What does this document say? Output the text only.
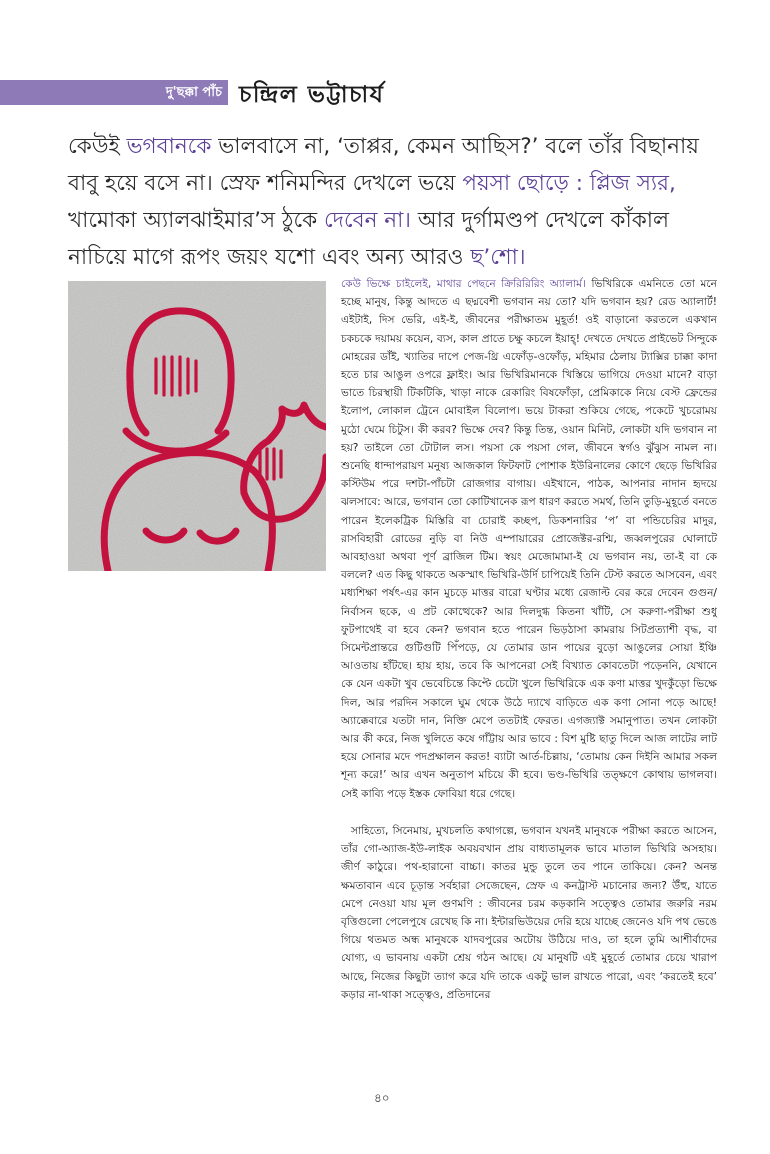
দু'ছক্কা পাঁচ চন্দ্রিল ভট্টাচার্য

কেউই ভগবানকে ভালবাসে না, ‘তাপ্পর, কেমন আছিস?’ বলে তাঁর বিছানায় বাবু হয়ে বসে না। স্রেফ শনিমন্দির দেখলে ভয়ে পয়সা ছোড়ে : প্লিজ স্যর, খামোকা অ্যালঝাইমার’স ঠুকে দেবেন না। আর দুর্গামণ্ডপ দেখলে কাঁকাল নাচিয়ে মাগে রূপং জয়ং যশো এবং অন্য আরও ছ’শো।

কেউ ভিক্ষে চাইলেই, মাথার পেছনে ক্রিরিরিরিং অ্যালার্ম। ভিখিরিকে এমনিতে তো মনে হচ্ছে মানুষ, কিন্তু আদতে এ ছদ্মবেশী ভগবান নয় তো? যদি ভগবান হয়? রেড অ্যালার্ট! এইটাই, দিস ভেরি, এই-ই, জীবনের পরীক্ষাতম মুহূর্ত! ওই বাড়ানো করতলে একখান চকচকে দয়াময় কয়েন, ব্যস, কাল প্রাতে চক্ষু কচলে ইয়াহ্! দেখতে দেখতে প্রাইভেট সিন্দুকে মোহরের ডাঁই, খ্যাতির দাপে পেজ-থ্রি এফোঁড়-ওফোঁড়, মহিমার ঠেলায় ট্যাক্সির চাক্কা কাদা হতে চার আঙুল ওপরে ফ্লাইং। আর ভিখিরিমানকে খিস্তিয়ে ভাগিয়ে দেওয়া মানে? বাড়া ভাতে চিরস্থায়ী টিকটিকি, খাড়া নাকে রেকারিং বিষফোঁড়া, প্রেমিকাকে নিয়ে বেস্ট ফ্রেন্ডের ইলোপ, লোকাল ট্রেনে মোবাইল বিলোপ। ভয়ে টাকরা শুকিয়ে গেছে, পকেটে খুচরোময় মুঠো ঘেমে চিটুস। কী করব? ভিক্ষে দেব? কিন্তু তিন্ত, ওয়ান মিনিট, লোকটা যদি ভগবান না হয়? তাইলে তো টোটাল লস। পয়সা কে পয়সা গেল, জীবনে স্বর্গও ঝুঁঝুস নামল না। শুনেছি ধান্দাপরায়ণ মনুষ্য আজকাল ফিটফাট পোশাক ইউরিনালের কোণে ছেড়ে ভিখিরির কস্টিউম পরে দশটা-পাঁচটা রোজগার বাগায়। এইখানে, পাঠক, আপনার নাদান হৃদয়ে ঝলসাবে: আরে, ভগবান তো কোটিখানেক রূপ ধারণ করতে সমর্থ, তিনি তুড়ি-মুহূর্তে বনতে পারেন ইলেকট্রিক মিস্তিরি বা চোরাই কচ্ছপ, ডিকশনারির ‘প’ বা পন্ডিচেরির মাদুর, রাসবিহারী রোডের নুড়ি বা নিউ এম্পায়ারের প্রোজেক্টর-রশ্মি, জব্বলপুরের ঘোলাটে আবহাওয়া অথবা পূর্ণ ব্রাজিল টিম। স্বয়ং মেজোমামা-ই যে ভগবান নয়, তা-ই বা কে বললে? এত কিছু থাকতে অকস্মাৎ ভিখিরি-উর্দি চাপিয়েই তিনি টেস্ট করতে আসবেন, এবং মধ্যশিক্ষা পর্ষৎ-এর কান মুচড়ে মাত্তর বারো ঘণ্টার মধ্যে রেজাল্ট বের করে দেবেন গুগুন/ নির্বাসন ছকে, এ প্রট কোত্থেকে? আর দিলদুগ্ধ কিতনা খাঁটি, সে করুণা-পরীক্ষা শুধু ফুটপাথেই বা হবে কেন? ভগবান হতে পারেন ভিড়ঠাসা কামরায় সিটপ্রত্যাশী বৃদ্ধ, বা সিমেন্টপ্রান্তরে গুটিগুটি পিঁপড়ে, যে তোমার ডান পায়ের বুড়ো আঙুলের সোয়া ইঞ্চি আওতায় হাঁটছে। হায় হায়, তবে কি আপনেরা সেই বিখ্যাত কোবতেটা পড়েননি, যেখানে কে যেন একটা খুব ভেবেচিন্তে কিপ্টে চেটো খুলে ভিখিরিকে এক কণা মাত্তর খুদকুঁড়ো ভিক্ষে দিল, আর পরদিন সকালে ঘুম থেকে উঠে দ্যাখে বাড়িতে এক কণা সোনা পড়ে আছে! অ্যাক্কেবারে যতটা দান, নিক্তি মেপে ততটাই ফেরত। এগজ্যাক্ট সমানুপাত। তখন লোকটা আর কী করে, নিজ খুলিতে কষে গাঁট্টায় আর ভাবে : বিশ মুষ্টি ছাতু দিলে আজ লাটের লাট হয়ে সোনার মদে পদপ্রক্ষালন করত! ব্যাটা আর্ত-চিল্লায়, ‘তোমায় কেন দিইনি আমার সকল শূন্য করে!’ আর এখন অনুতাপ মচিয়ে কী হবে। ভণ্ড-ভিখিরি তত্ক্ষণে কোথায় ভাগলবা। সেই কাব্যি পড়ে ইস্তক ফোবিয়া ধরে গেছে।

সাহিত্যে, সিনেমায়, মুখচলতি কথাগল্পে, ভগবান যখনই মানুষকে পরীক্ষা করতে আসেন, তাঁর গো-অ্যাজ-ইউ-লাইক অবয়বখান প্রায় বাধ্যতামূলক ভাবে মাতাল ভিখিরি অসহায়। জীর্ণ কাঠুরে। পথ-হারানো বাচ্চা। কাতর মুন্ডু তুলে তব পানে তাকিয়ে। কেন? অনন্ত ক্ষমতাবান এবে চূড়ান্ত সর্বহারা সেজেছেন, স্রেফ এ কনট্রাস্ট মচানোর জন্য? উঁহু, যাতে মেপে নেওয়া যায় মূল গুণমণি : জীবনের চরম কড়কানি সত্ত্বেও তোমার জরুরি নরম বৃত্তিগুলো পেলেপুষে রেখেছ কি না। ইন্টারভিউয়ের দেরি হয়ে যাচ্ছে জেনেও যদি পথ ভেঙে গিয়ে থতমত অন্ধ মানুষকে যাদবপুরের অটোয় উঠিয়ে দাও, তা হলে তুমি আশীর্বাদের যোগ্য, এ ভাবনায় একটা শ্রেয় গঠন আছে। যে মানুষটি এই মুহূর্তে তোমার চেয়ে খারাপ আছে, নিজের কিছুটা ত্যাগ করে যদি তাকে একটু ভাল রাখতে পারো, এবং ‘করতেই হবে’ কড়ার না-থাকা সত্ত্বেও, প্রতিদানের

৪০
